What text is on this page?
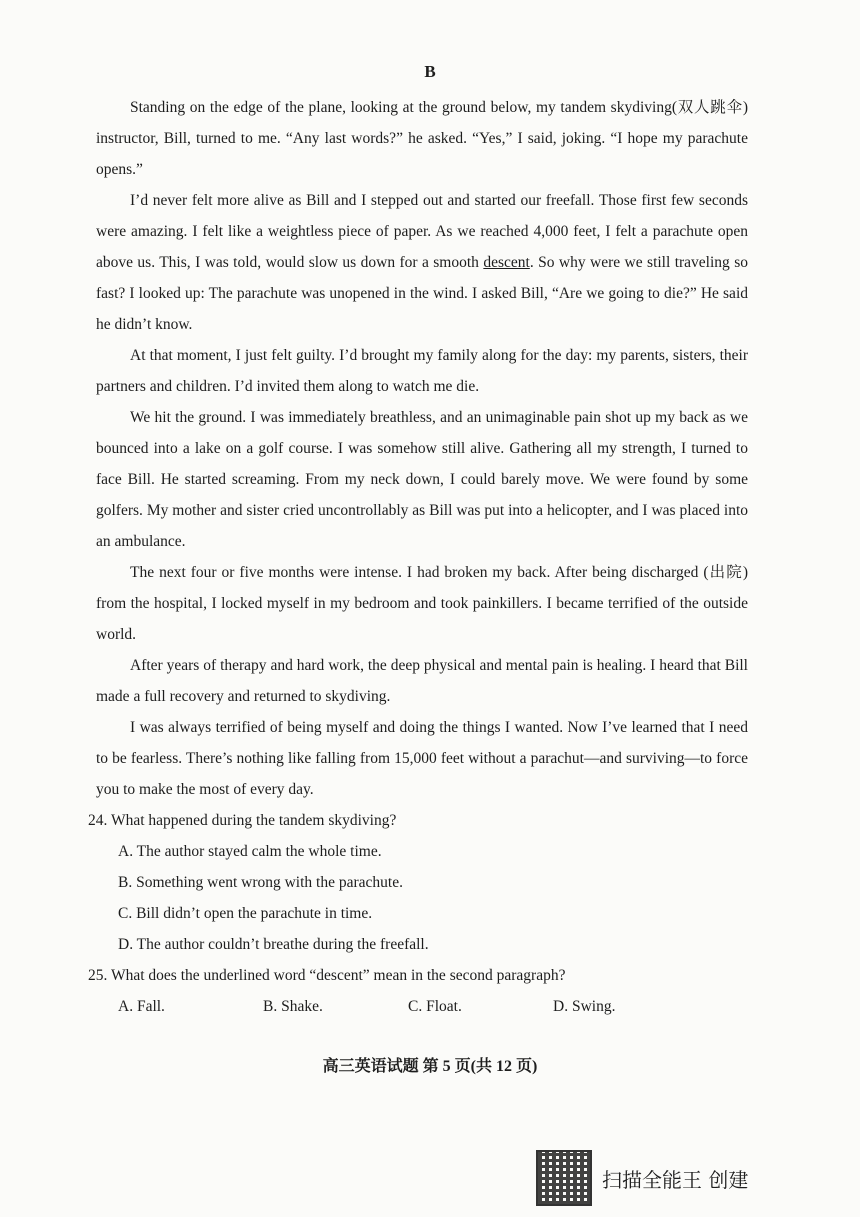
B

Standing on the edge of the plane, looking at the ground below, my tandem skydiving(双人跳伞) instructor, Bill, turned to me. “Any last words?” he asked. “Yes,” I said, joking. “I hope my parachute opens.”

I’d never felt more alive as Bill and I stepped out and started our freefall. Those first few seconds were amazing. I felt like a weightless piece of paper. As we reached 4,000 feet, I felt a parachute open above us. This, I was told, would slow us down for a smooth descent. So why were we still traveling so fast? I looked up: The parachute was unopened in the wind. I asked Bill, “Are we going to die?” He said he didn’t know.

At that moment, I just felt guilty. I’d brought my family along for the day: my parents, sisters, their partners and children. I’d invited them along to watch me die.

We hit the ground. I was immediately breathless, and an unimaginable pain shot up my back as we bounced into a lake on a golf course. I was somehow still alive. Gathering all my strength, I turned to face Bill. He started screaming. From my neck down, I could barely move. We were found by some golfers. My mother and sister cried uncontrollably as Bill was put into a helicopter, and I was placed into an ambulance.

The next four or five months were intense. I had broken my back. After being discharged (出院) from the hospital, I locked myself in my bedroom and took painkillers. I became terrified of the outside world.

After years of therapy and hard work, the deep physical and mental pain is healing. I heard that Bill made a full recovery and returned to skydiving.

I was always terrified of being myself and doing the things I wanted. Now I’ve learned that I need to be fearless. There’s nothing like falling from 15,000 feet without a parachut—and surviving—to force you to make the most of every day.

24. What happened during the tandem skydiving?
A. The author stayed calm the whole time.
B. Something went wrong with the parachute.
C. Bill didn’t open the parachute in time.
D. The author couldn’t breathe during the freefall.
25. What does the underlined word “descent” mean in the second paragraph?
A. Fall.	B. Shake.	C. Float.	D. Swing.
高三英语试题 第 5 页(共 12 页)
扫描全能王 创建
